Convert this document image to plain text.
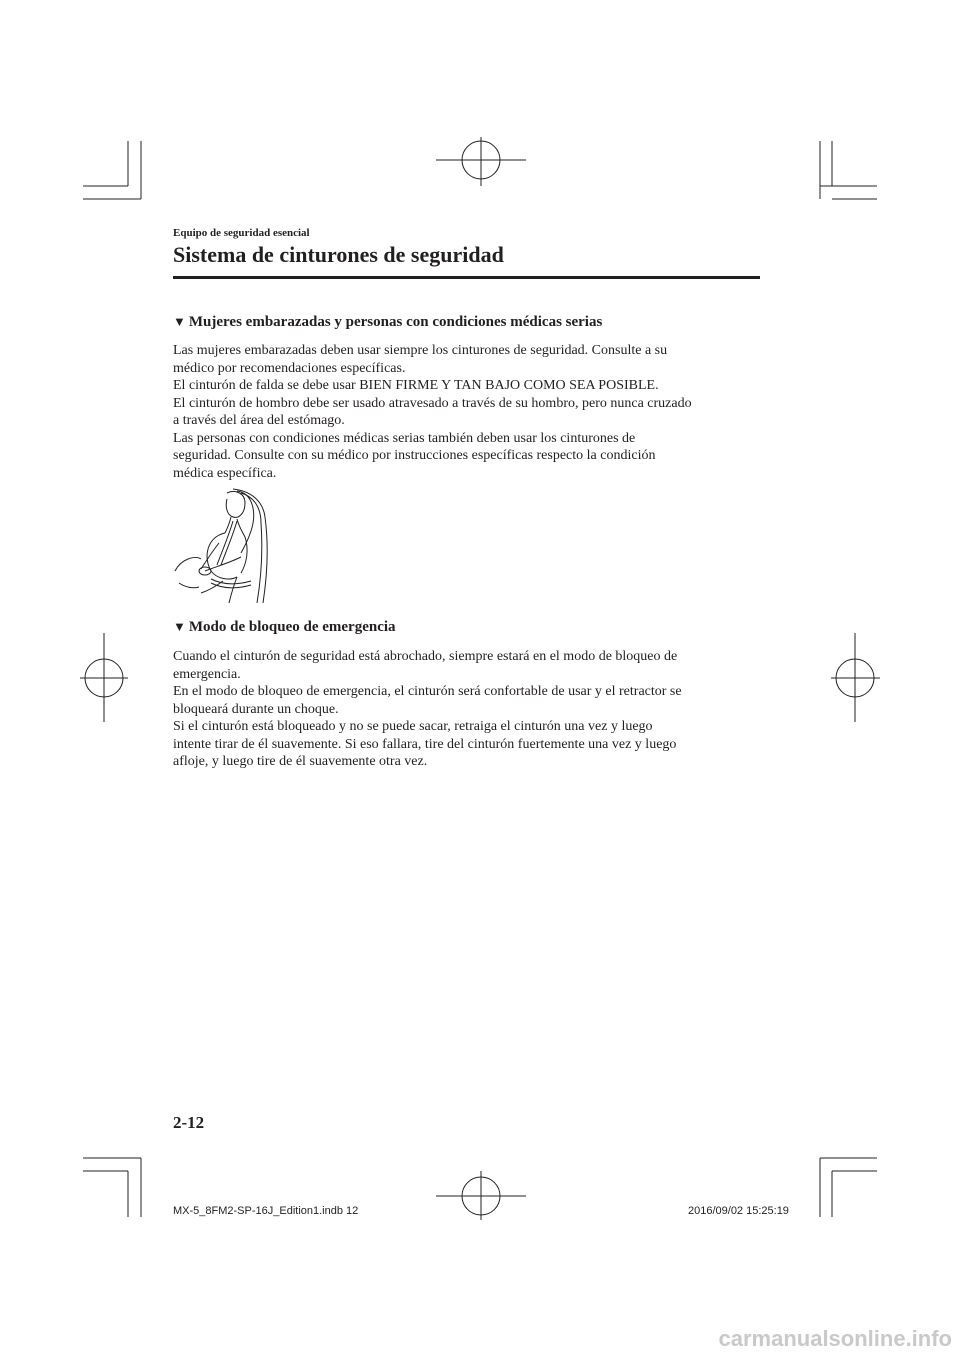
Equipo de seguridad esencial
Sistema de cinturones de seguridad
▼ Mujeres embarazadas y personas con condiciones médicas serias
Las mujeres embarazadas deben usar siempre los cinturones de seguridad. Consulte a su
médico por recomendaciones específicas.
El cinturón de falda se debe usar BIEN FIRME Y TAN BAJO COMO SEA POSIBLE.
El cinturón de hombro debe ser usado atravesado a través de su hombro, pero nunca cruzado
a través del área del estómago.
Las personas con condiciones médicas serias también deben usar los cinturones de
seguridad. Consulte con su médico por instrucciones específicas respecto la condición
médica específica.
▼ Modo de bloqueo de emergencia
Cuando el cinturón de seguridad está abrochado, siempre estará en el modo de bloqueo de
emergencia.
En el modo de bloqueo de emergencia, el cinturón será confortable de usar y el retractor se
bloqueará durante un choque.
Si el cinturón está bloqueado y no se puede sacar, retraiga el cinturón una vez y luego
intente tirar de él suavemente. Si eso fallara, tire del cinturón fuertemente una vez y luego
afloje, y luego tire de él suavemente otra vez.
2-12
MX-5_8FM2-SP-16J_Edition1.indb 12	2016/09/02 15:25:19
carmanualsonline.info
